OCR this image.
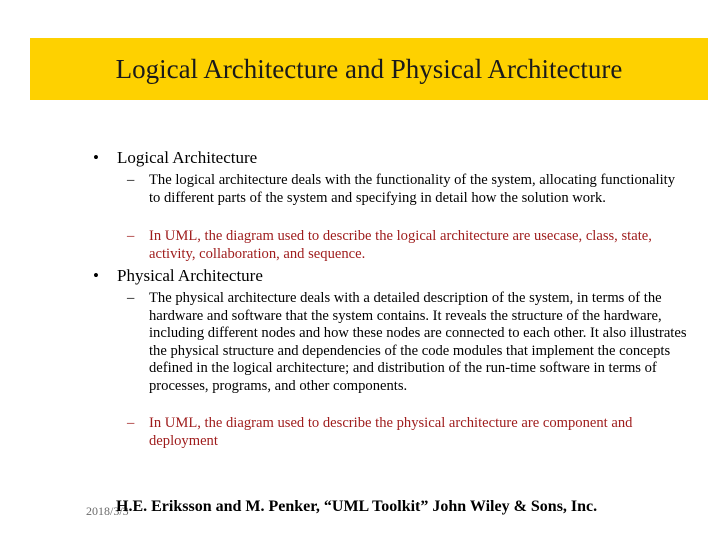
Logical Architecture and Physical Architecture
•	Logical Architecture
–	The logical architecture deals with the functionality of the system, allocating functionality to different parts of the system and specifying in detail how the solution work.
–	In UML, the diagram used to describe the logical architecture are usecase, class, state, activity, collaboration, and sequence.
•	Physical Architecture
–	The physical architecture deals with a detailed description of the system, in terms of the hardware and software that the system contains. It reveals the structure of the hardware, including different nodes and how these nodes are connected to each other. It also illustrates the physical structure and dependencies of the code modules that implement the concepts defined in the logical architecture; and distribution of the run-time software in terms of processes, programs, and other components.
–	In UML, the diagram used to describe the physical architecture are component and deployment
2018/3/3
H.E. Eriksson and M. Penker, “UML Toolkit” John Wiley & Sons, Inc.
